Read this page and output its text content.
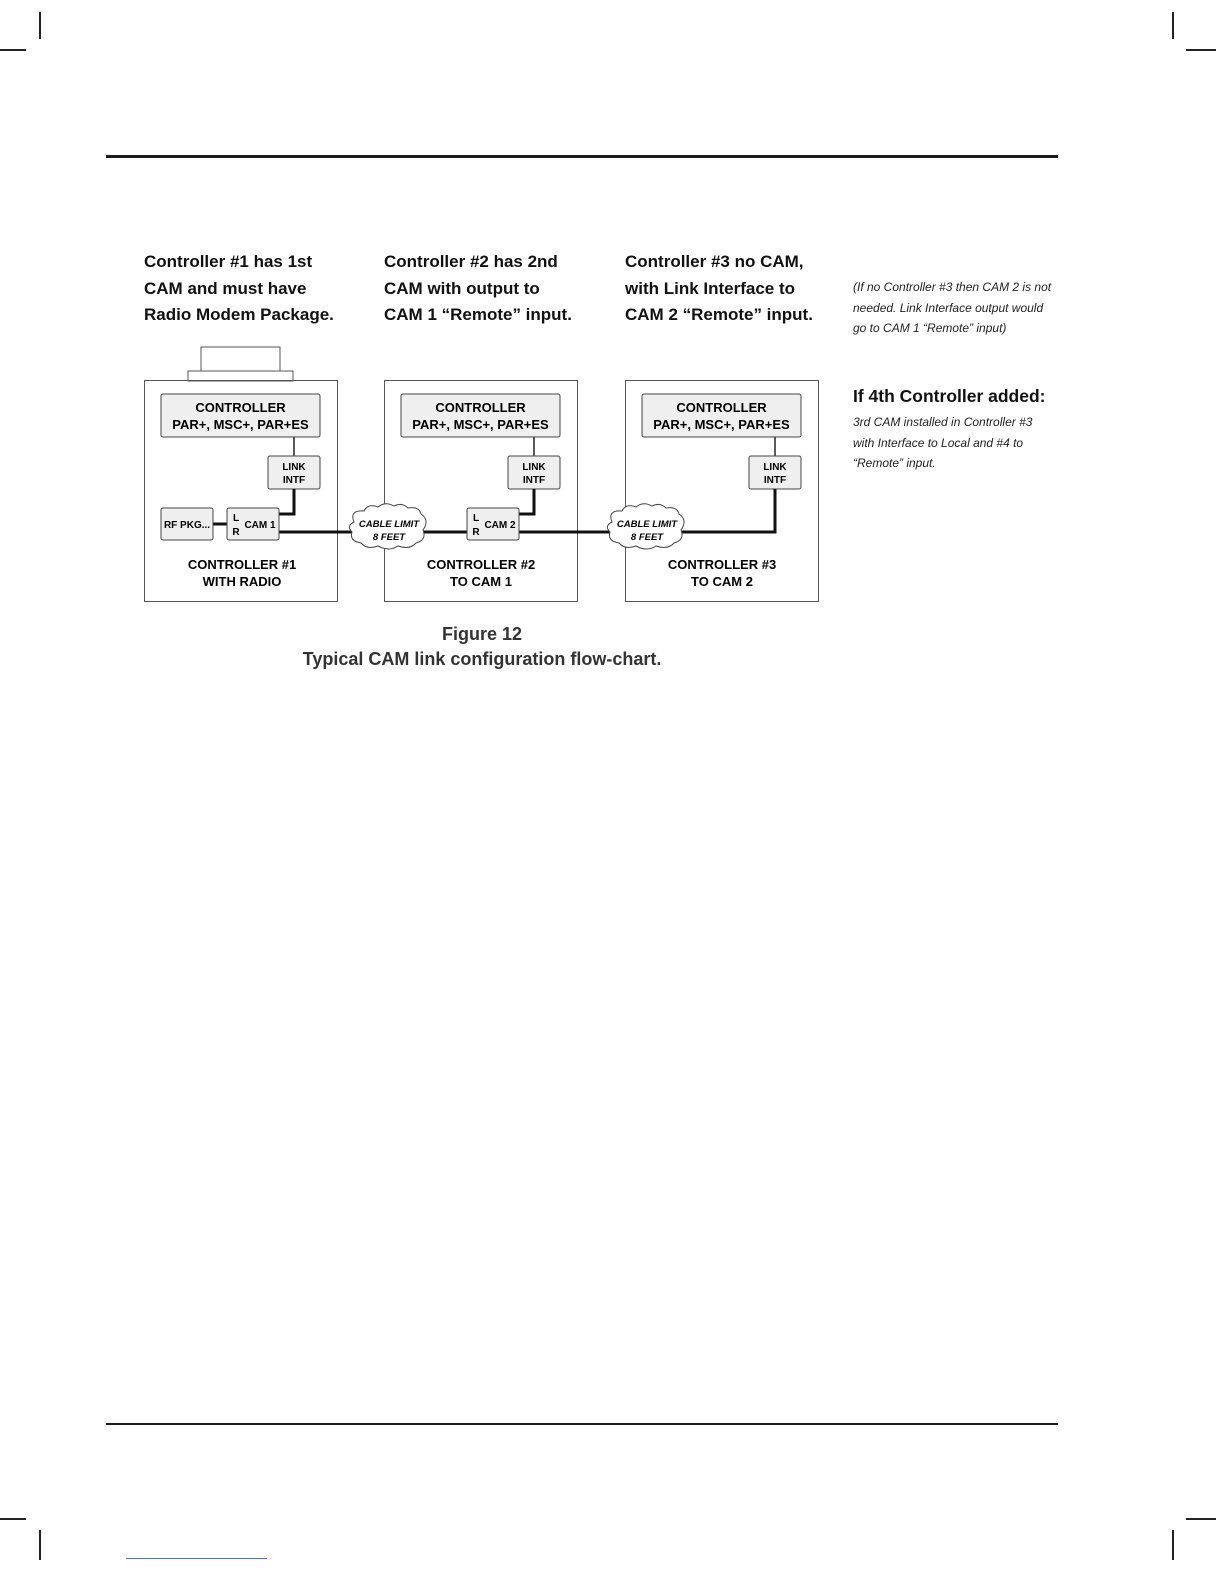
Controller #1 has 1st
CAM and must have
Radio Modem Package.
Controller #2 has 2nd
CAM with output to
CAM 1 “Remote” input.
Controller #3 no CAM,
with Link Interface to
CAM 2 “Remote” input.
(If no Controller #3 then CAM 2 is not
needed. Link Interface output would
go to CAM 1 “Remote” input)
If 4th Controller added:
3rd CAM installed in Controller #3
with Interface to Local and #4 to
“Remote” input.
CONTROLLER
PAR+, MSC+, PAR+ES
CONTROLLER
PAR+, MSC+, PAR+ES
CONTROLLER
PAR+, MSC+, PAR+ES
LINK
INTF
LINK
INTF
LINK
INTF
RF PKG...
L
R
CAM 1
L
R
CAM 2
CABLE LIMIT
8 FEET
CABLE LIMIT
8 FEET
CONTROLLER #1
WITH RADIO
CONTROLLER #2
TO CAM 1
CONTROLLER #3
TO CAM 2
Figure 12
Typical CAM link configuration flow-chart.
